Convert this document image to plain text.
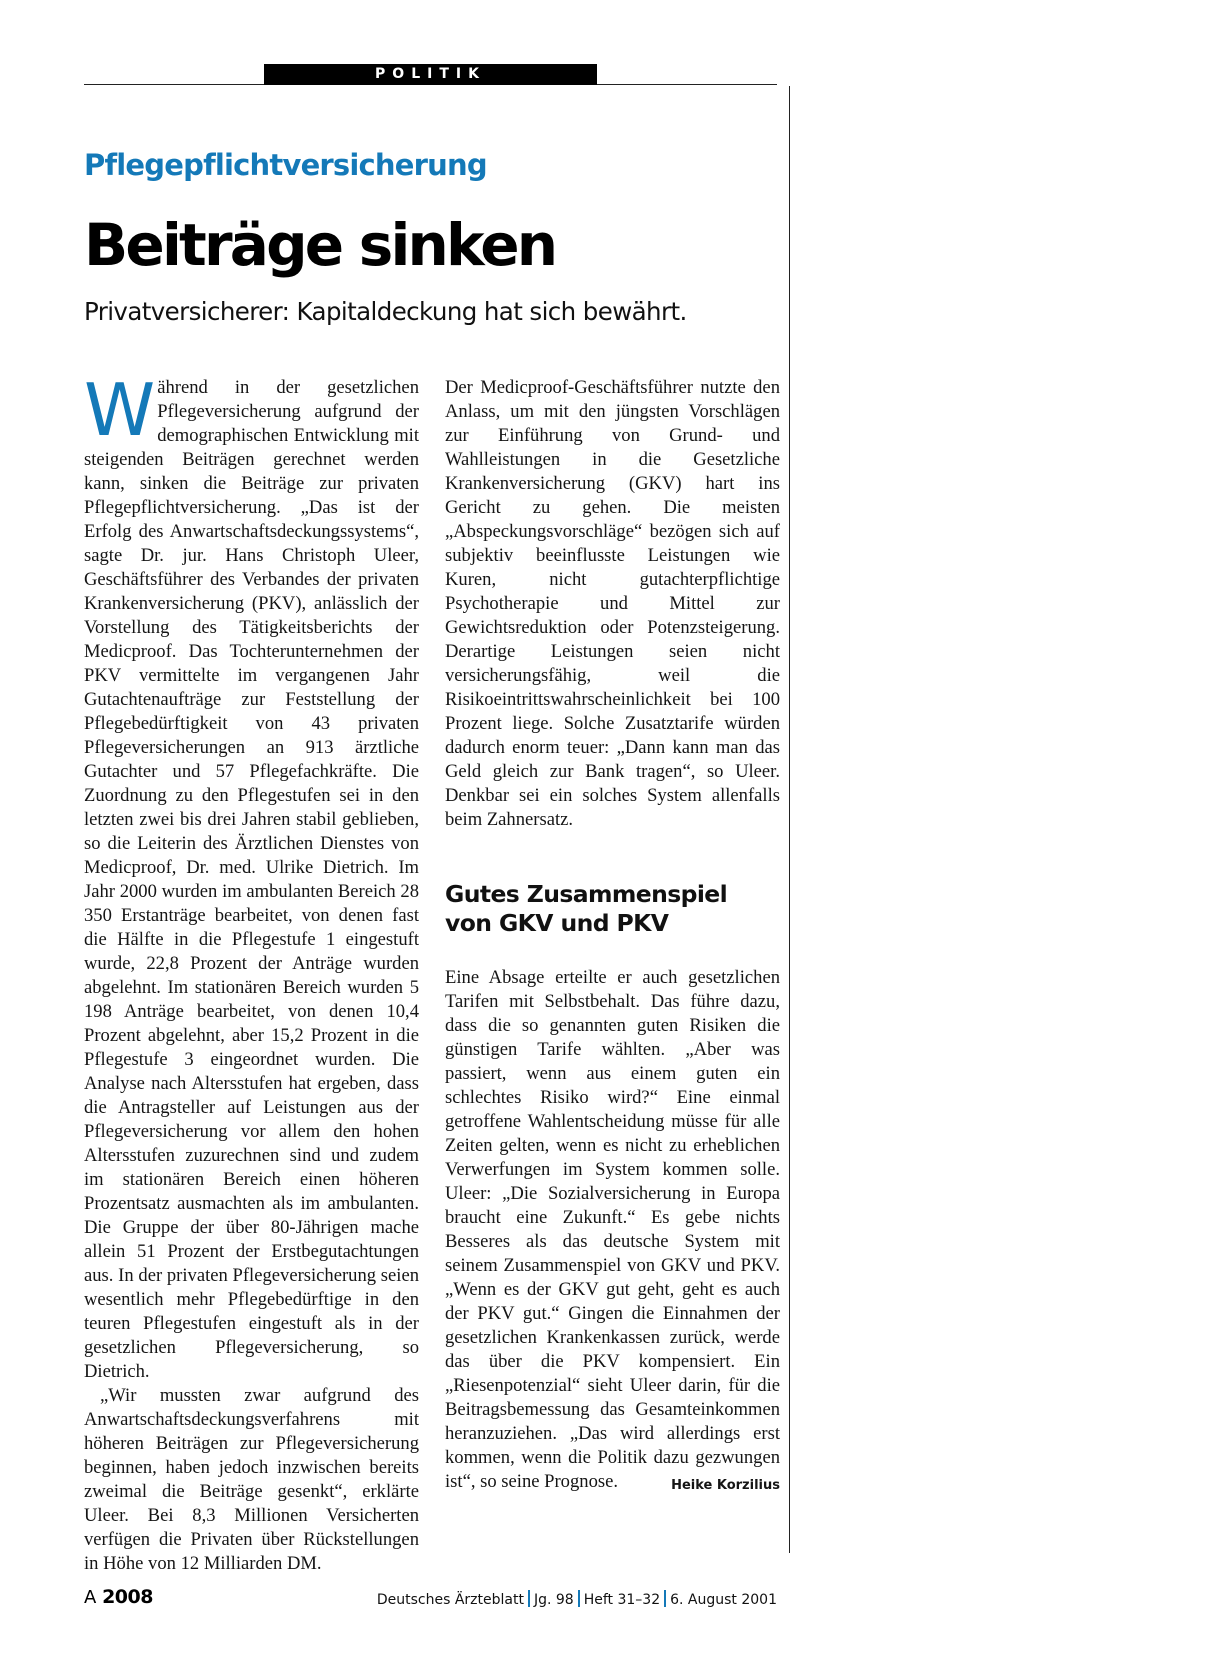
POLITIK
Pflegepflichtversicherung
Beiträge sinken
Privatversicherer: Kapitaldeckung hat sich bewährt.
W ährend in der gesetzlichen Pflegeversicherung aufgrund der demographischen Entwicklung mit steigenden Beiträgen gerechnet werden kann, sinken die Beiträge zur privaten Pflegepflichtversicherung. „Das ist der Erfolg des Anwartschaftsdeckungssystems“, sagte Dr. jur. Hans Christoph Uleer, Geschäftsführer des Verbandes der privaten Krankenversicherung (PKV), anlässlich der Vorstellung des Tätigkeitsberichts der Medicproof. Das Tochterunternehmen der PKV vermittelte im vergangenen Jahr Gutachtenaufträge zur Feststellung der Pflegebedürftigkeit von 43 privaten Pflegeversicherungen an 913 ärztliche Gutachter und 57 Pflegefachkräfte. Die Zuordnung zu den Pflegestufen sei in den letzten zwei bis drei Jahren stabil geblieben, so die Leiterin des Ärztlichen Dienstes von Medicproof, Dr. med. Ulrike Dietrich. Im Jahr 2000 wurden im ambulanten Bereich 28 350 Erstanträge bearbeitet, von denen fast die Hälfte in die Pflegestufe 1 eingestuft wurde, 22,8 Prozent der Anträge wurden abgelehnt. Im stationären Bereich wurden 5 198 Anträge bearbeitet, von denen 10,4 Prozent abgelehnt, aber 15,2 Prozent in die Pflegestufe 3 eingeordnet wurden. Die Analyse nach Altersstufen hat ergeben, dass die Antragsteller auf Leistungen aus der Pflegeversicherung vor allem den hohen Altersstufen zuzurechnen sind und zudem im stationären Bereich einen höheren Prozentsatz ausmachten als im ambulanten. Die Gruppe der über 80-Jährigen mache allein 51 Prozent der Erstbegutachtungen aus. In der privaten Pflegeversicherung seien wesentlich mehr Pflegebedürftige in den teuren Pflegestufen eingestuft als in der gesetzlichen Pflegeversicherung, so Dietrich.

„Wir mussten zwar aufgrund des Anwartschaftsdeckungsverfahrens mit höheren Beiträgen zur Pflegeversicherung beginnen, haben jedoch inzwischen bereits zweimal die Beiträge gesenkt“, erklärte Uleer. Bei 8,3 Millionen Versicherten verfügen die Privaten über Rückstellungen in Höhe von 12 Milliarden DM.

Der Medicproof-Geschäftsführer nutzte den Anlass, um mit den jüngsten Vorschlägen zur Einführung von Grund- und Wahlleistungen in die Gesetzliche Krankenversicherung (GKV) hart ins Gericht zu gehen. Die meisten „Abspeckungsvorschläge“ bezögen sich auf subjektiv beeinflusste Leistungen wie Kuren, nicht gutachterpflichtige Psychotherapie und Mittel zur Gewichtsreduktion oder Potenzsteigerung. Derartige Leistungen seien nicht versicherungsfähig, weil die Risikoeintrittswahrscheinlichkeit bei 100 Prozent liege. Solche Zusatztarife würden dadurch enorm teuer: „Dann kann man das Geld gleich zur Bank tragen“, so Uleer. Denkbar sei ein solches System allenfalls beim Zahnersatz.

Gutes Zusammenspiel von GKV und PKV

Eine Absage erteilte er auch gesetzlichen Tarifen mit Selbstbehalt. Das führe dazu, dass die so genannten guten Risiken die günstigen Tarife wählten. „Aber was passiert, wenn aus einem guten ein schlechtes Risiko wird?“ Eine einmal getroffene Wahlentscheidung müsse für alle Zeiten gelten, wenn es nicht zu erheblichen Verwerfungen im System kommen solle. Uleer: „Die Sozialversicherung in Europa braucht eine Zukunft.“ Es gebe nichts Besseres als das deutsche System mit seinem Zusammenspiel von GKV und PKV. „Wenn es der GKV gut geht, geht es auch der PKV gut.“ Gingen die Einnahmen der gesetzlichen Krankenkassen zurück, werde das über die PKV kompensiert. Ein „Riesenpotenzial“ sieht Uleer darin, für die Beitragsbemessung das Gesamteinkommen heranzuziehen. „Das wird allerdings erst kommen, wenn die Politik dazu gezwungen ist“, so seine Prognose.	Heike Korzilius

A 2008	Deutsches Ärzteblatt Jg. 98 Heft 31–32 6. August 2001
